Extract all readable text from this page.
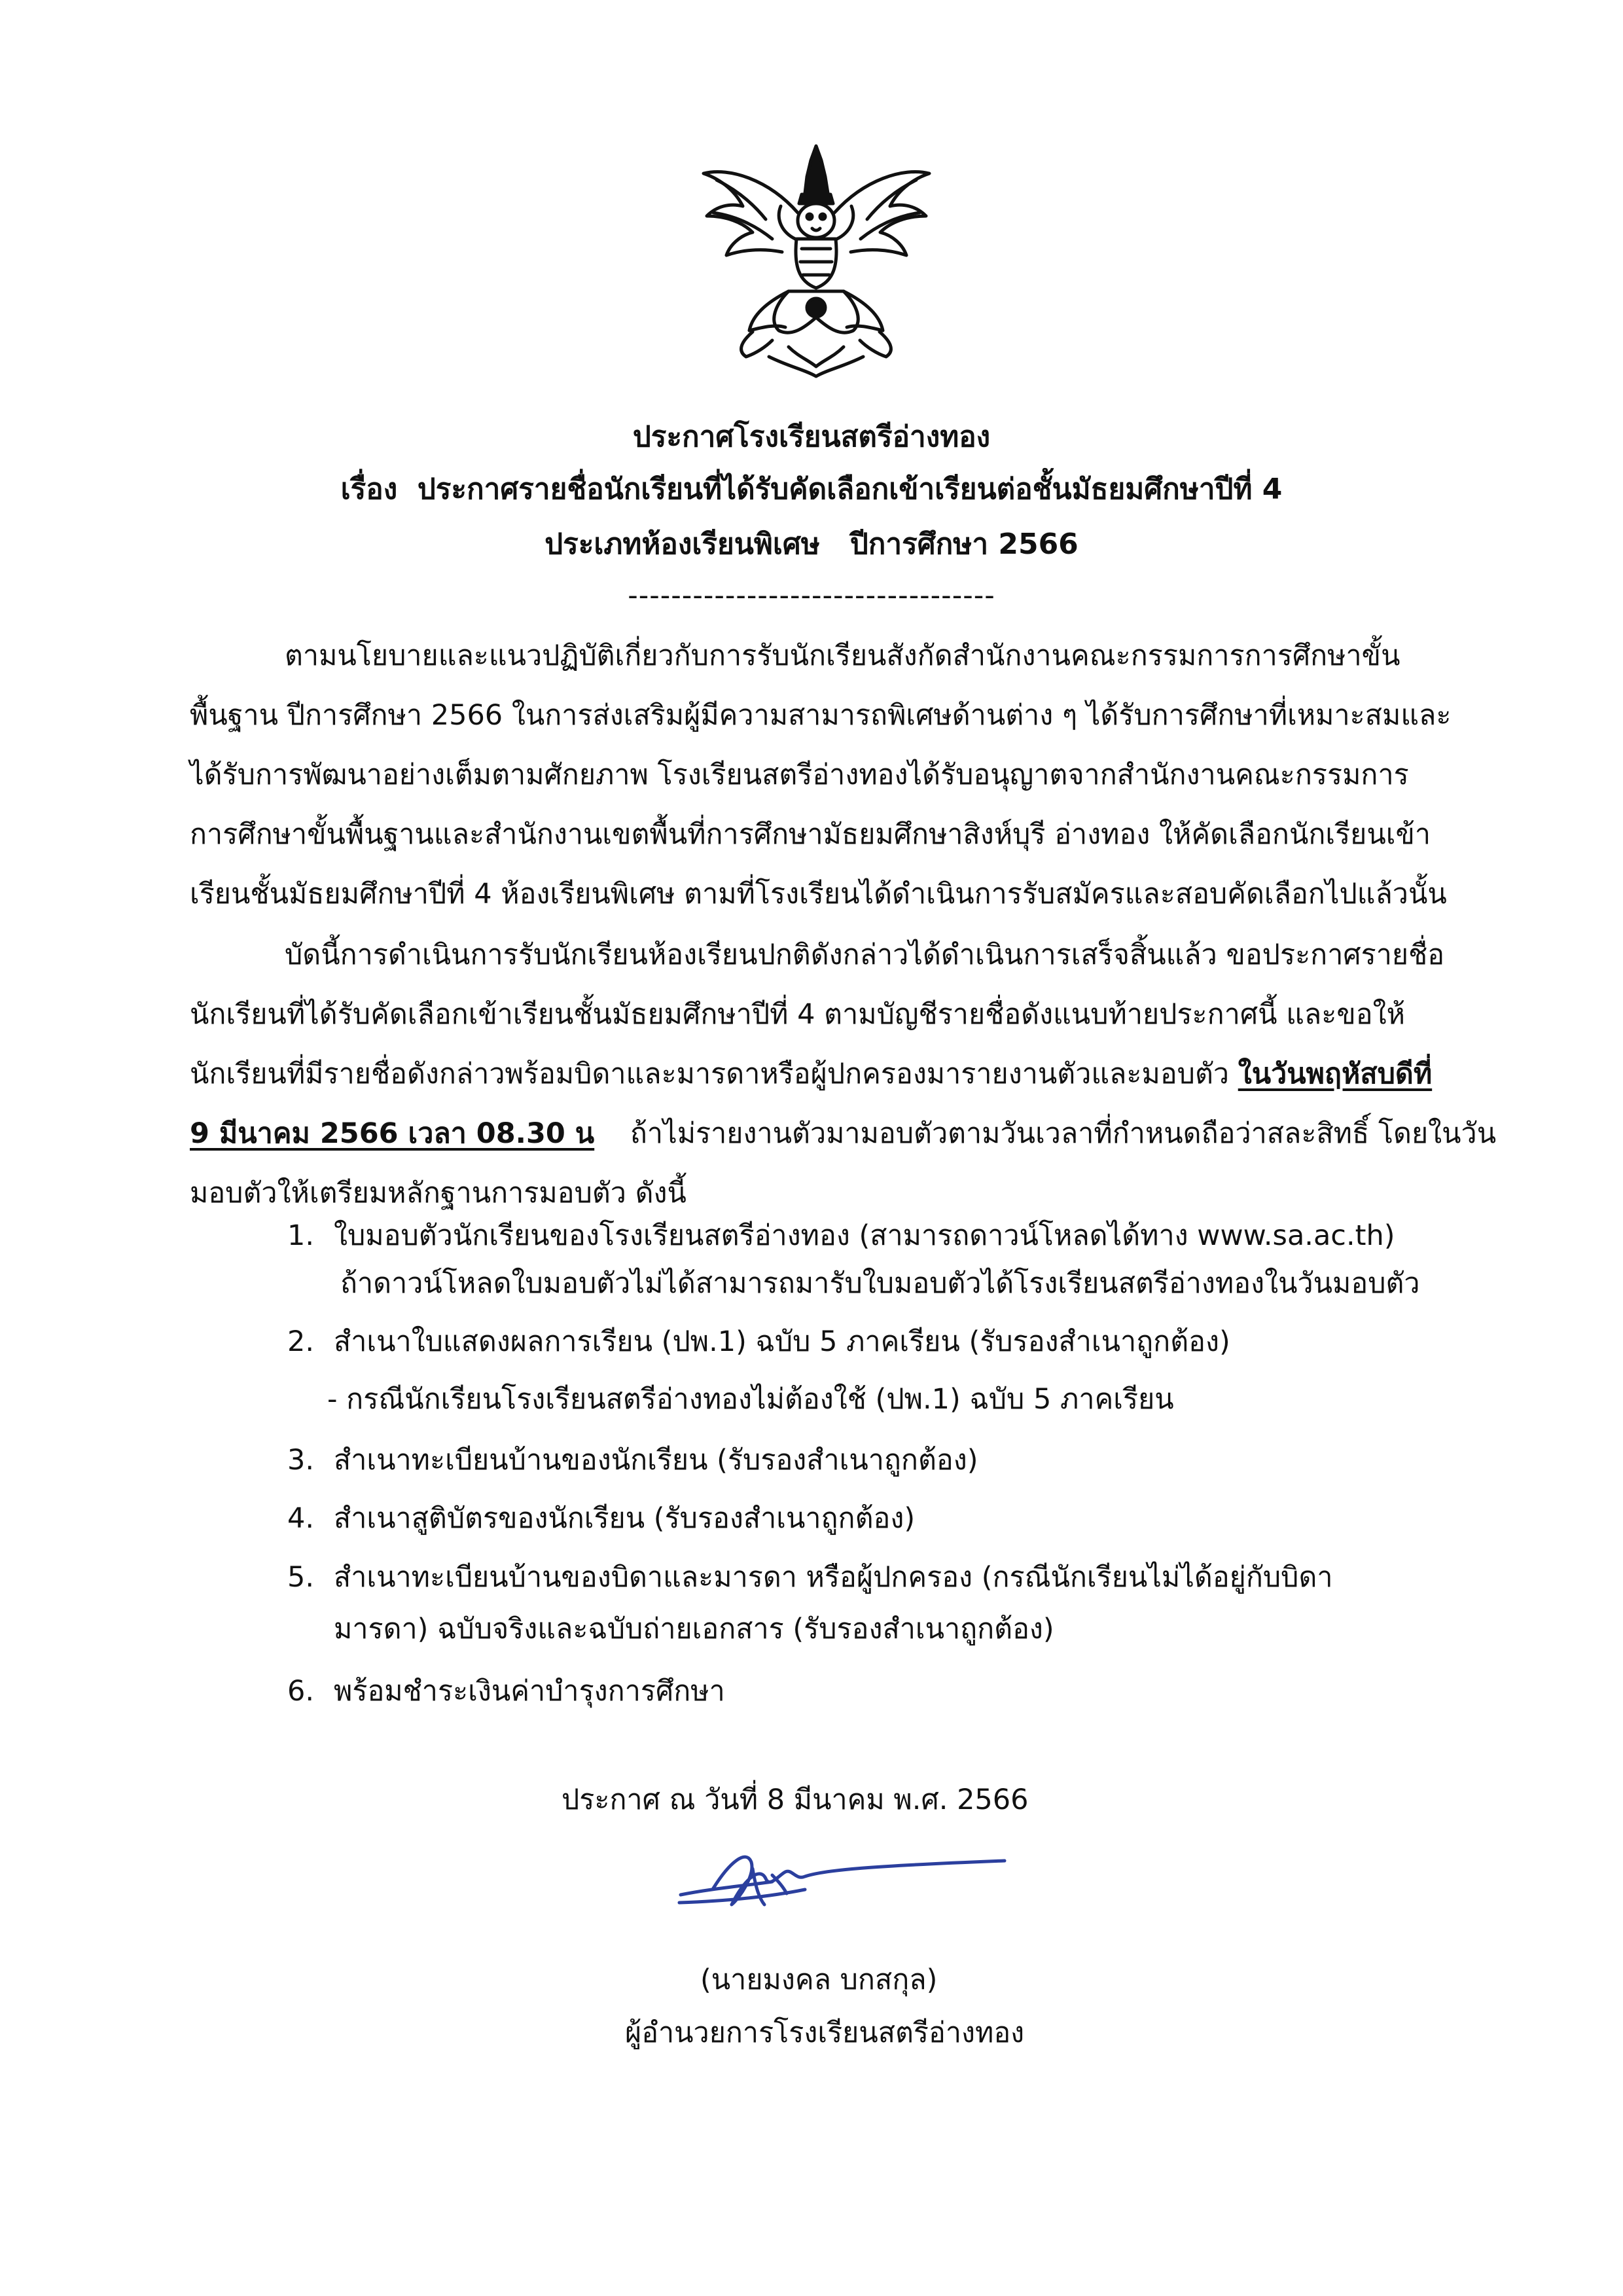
ประกาศโรงเรียนสตรีอ่างทอง
เรื่อง ประกาศรายชื่อนักเรียนที่ได้รับคัดเลือกเข้าเรียนต่อชั้นมัธยมศึกษาปีที่ 4
ประเภทห้องเรียนพิเศษ ปีการศึกษา 2566
----------------------------------
ตามนโยบายและแนวปฏิบัติเกี่ยวกับการรับนักเรียนสังกัดสำนักงานคณะกรรมการการศึกษาขั้น
พื้นฐาน ปีการศึกษา 2566 ในการส่งเสริมผู้มีความสามารถพิเศษด้านต่าง ๆ ได้รับการศึกษาที่เหมาะสมและ
ได้รับการพัฒนาอย่างเต็มตามศักยภาพ โรงเรียนสตรีอ่างทองได้รับอนุญาตจากสำนักงานคณะกรรมการ
การศึกษาขั้นพื้นฐานและสำนักงานเขตพื้นที่การศึกษามัธยมศึกษาสิงห์บุรี อ่างทอง ให้คัดเลือกนักเรียนเข้า
เรียนชั้นมัธยมศึกษาปีที่ 4 ห้องเรียนพิเศษ ตามที่โรงเรียนได้ดำเนินการรับสมัครและสอบคัดเลือกไปแล้วนั้น
บัดนี้การดำเนินการรับนักเรียนห้องเรียนปกติดังกล่าวได้ดำเนินการเสร็จสิ้นแล้ว ขอประกาศรายชื่อ
นักเรียนที่ได้รับคัดเลือกเข้าเรียนชั้นมัธยมศึกษาปีที่ 4 ตามบัญชีรายชื่อดังแนบท้ายประกาศนี้ และขอให้
นักเรียนที่มีรายชื่อดังกล่าวพร้อมบิดาและมารดาหรือผู้ปกครองมารายงานตัวและมอบตัว ในวันพฤหัสบดีที่
9 มีนาคม 2566 เวลา 08.30 น ถ้าไม่รายงานตัวมามอบตัวตามวันเวลาที่กำหนดถือว่าสละสิทธิ์ โดยในวัน
มอบตัวให้เตรียมหลักฐานการมอบตัว ดังนี้
1. ใบมอบตัวนักเรียนของโรงเรียนสตรีอ่างทอง (สามารถดาวน์โหลดได้ทาง www.sa.ac.th)
ถ้าดาวน์โหลดใบมอบตัวไม่ได้สามารถมารับใบมอบตัวได้โรงเรียนสตรีอ่างทองในวันมอบตัว
2. สำเนาใบแสดงผลการเรียน (ปพ.1) ฉบับ 5 ภาคเรียน (รับรองสำเนาถูกต้อง)
- กรณีนักเรียนโรงเรียนสตรีอ่างทองไม่ต้องใช้ (ปพ.1) ฉบับ 5 ภาคเรียน
3. สำเนาทะเบียนบ้านของนักเรียน (รับรองสำเนาถูกต้อง)
4. สำเนาสูติบัตรของนักเรียน (รับรองสำเนาถูกต้อง)
5. สำเนาทะเบียนบ้านของบิดาและมารดา หรือผู้ปกครอง (กรณีนักเรียนไม่ได้อยู่กับบิดา
มารดา) ฉบับจริงและฉบับถ่ายเอกสาร (รับรองสำเนาถูกต้อง)
6. พร้อมชำระเงินค่าบำรุงการศึกษา
ประกาศ ณ วันที่ 8 มีนาคม พ.ศ. 2566
(นายมงคล บกสกุล)
ผู้อำนวยการโรงเรียนสตรีอ่างทอง
